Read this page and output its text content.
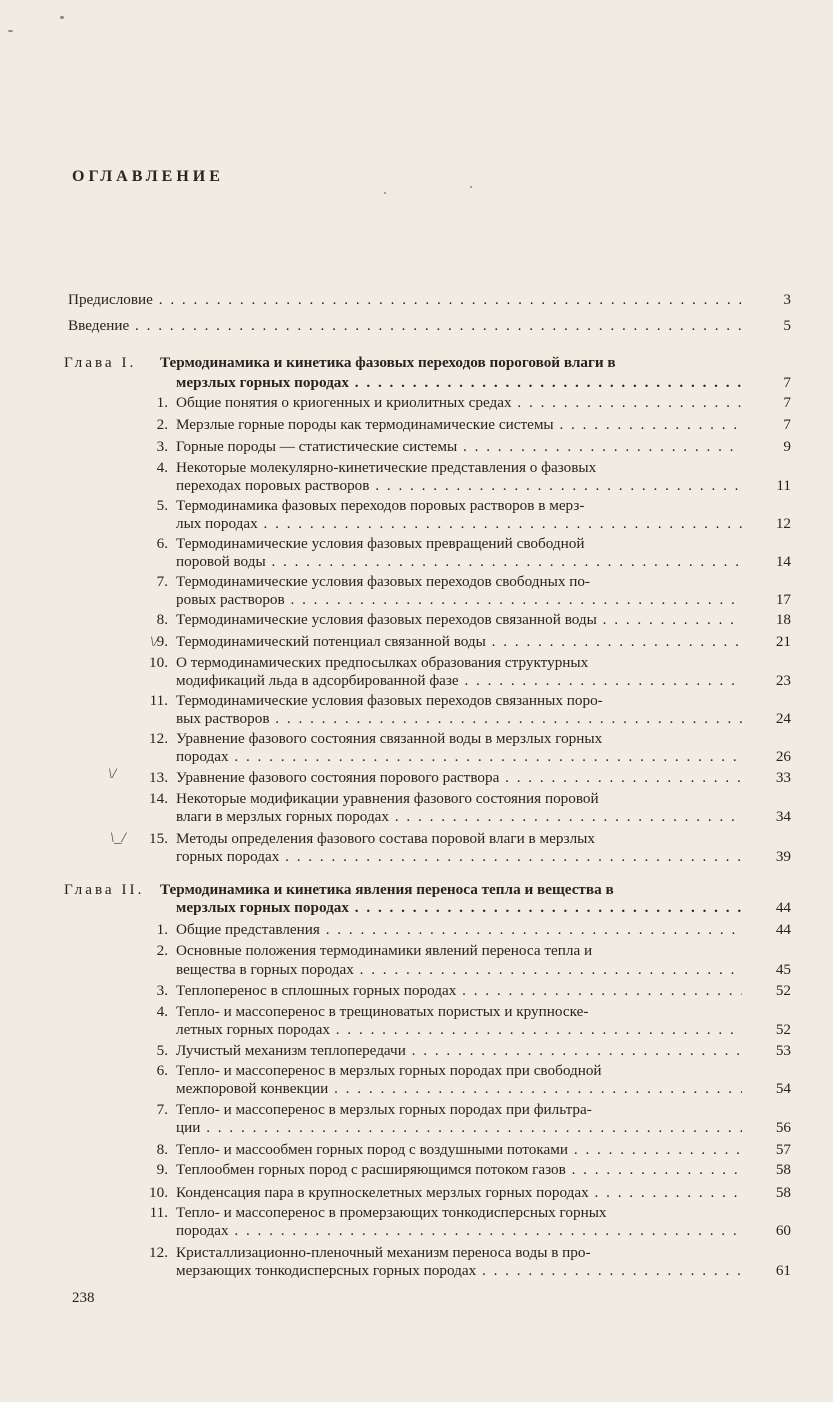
ОГЛАВЛЕНИЕ
Предисловие . . .	3
Введение . . .	5
Глава I. Термодинамика и кинетика фазовых переходов пороговой влаги в
мерзлых горных породах . . .	7
1. Общие понятия о криогенных и криолитных средах . . .	7
2. Мерзлые горные породы как термодинамические системы . . .	7
3. Горные породы — статистические системы . . .	9
4. Некоторые молекулярно-кинетические представления о фазовых
переходах поровых растворов . . .	11
5. Термодинамика фазовых переходов поровых растворов в мерз-
лых породах . . .	12
6. Термодинамические условия фазовых превращений свободной
поровой воды . . .	14
7. Термодинамические условия фазовых переходов свободных по-
ровых растворов . . .	17
8. Термодинамические условия фазовых переходов связанной воды . . .	18
9. Термодинамический потенциал связанной воды . . .	21
10. О термодинамических предпосылках образования структурных
модификаций льда в адсорбированной фазе . . .	23
11. Термодинамические условия фазовых переходов связанных поро-
вых растворов . . .	24
12. Уравнение фазового состояния связанной воды в мерзлых горных
породах . . .	26
13. Уравнение фазового состояния порового раствора . . .	33
14. Некоторые модификации уравнения фазового состояния поровой
влаги в мерзлых горных породах . . .	34
15. Методы определения фазового состава поровой влаги в мерзлых
горных породах . . .	39
Глава II. Термодинамика и кинетика явления переноса тепла и вещества в
мерзлых горных породах . . .	44
1. Общие представления . . .	44
2. Основные положения термодинамики явлений переноса тепла и
вещества в горных породах . . .	45
3. Теплоперенос в сплошных горных породах . . .	52
4. Тепло- и массоперенос в трещиноватых пористых и крупноске-
летных горных породах . . .	52
5. Лучистый механизм теплопередачи . . .	53
6. Тепло- и массоперенос в мерзлых горных породах при свободной
межпоровой конвекции . . .	54
7. Тепло- и массоперенос в мерзлых горных породах при фильтра-
ции . . .	56
8. Тепло- и массообмен горных пород с воздушными потоками . . .	57
9. Теплообмен горных пород с расширяющимся потоком газов . . .	58
10. Конденсация пара в крупноскелетных мерзлых горных породах . . .	58
11. Тепло- и массоперенос в промерзающих тонкодисперсных горных
породах . . .	60
12. Кристаллизационно-пленочный механизм переноса воды в про-
мерзающих тонкодисперсных горных породах . . .	61
238
\/
\/
\_/
